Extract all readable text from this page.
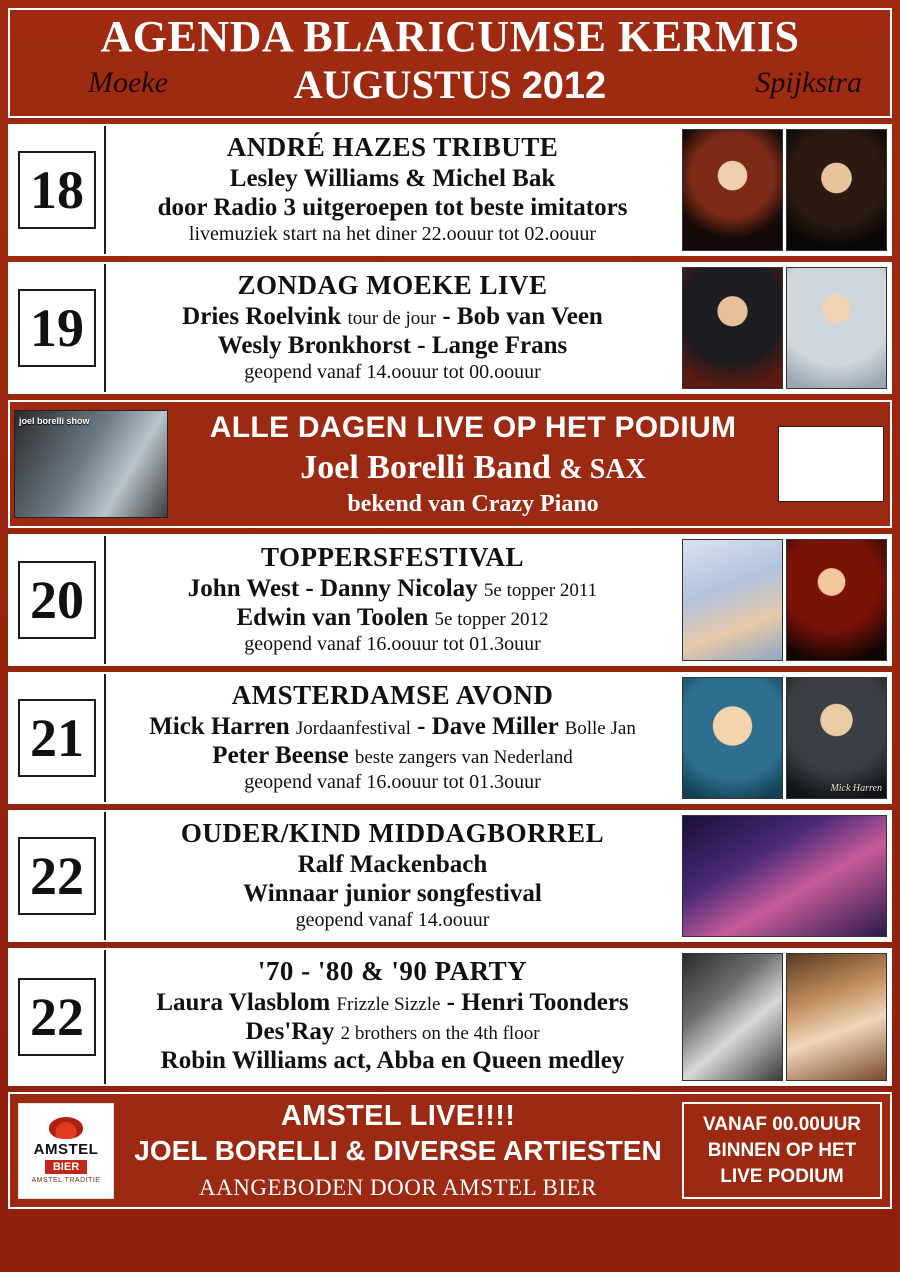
AGENDA BLARICUMSE KERMIS
Moeke	AUGUSTUS 2012	Spijkstra
18
ANDRÉ HAZES TRIBUTE
Lesley Williams & Michel Bak
door Radio 3 uitgeroepen tot beste imitators
livemuziek start na het diner 22.oouur tot 02.oouur
19
ZONDAG MOEKE LIVE
Dries Roelvink tour de jour - Bob van Veen
Wesly Bronkhorst - Lange Frans
geopend vanaf 14.oouur tot 00.oouur
joel borelli show	ALLE DAGEN LIVE OP HET PODIUM
Joel Borelli Band & SAX
bekend van Crazy Piano
20
TOPPERSFESTIVAL
John West - Danny Nicolay 5e topper 2011
Edwin van Toolen 5e topper 2012
geopend vanaf 16.oouur tot 01.3ouur
21
AMSTERDAMSE AVOND
Mick Harren Jordaanfestival - Dave Miller Bolle Jan
Peter Beense beste zangers van Nederland
geopend vanaf 16.oouur tot 01.3ouur	Mick Harren
22
OUDER/KIND MIDDAGBORREL
Ralf Mackenbach
Winnaar junior songfestival
geopend vanaf 14.oouur
22
'70 - '80 & '90 PARTY
Laura Vlasblom Frizzle Sizzle - Henri Toonders
Des'Ray 2 brothers on the 4th floor
Robin Williams act, Abba en Queen medley
AMSTEL
BIER
AMSTEL TRADITIE
AMSTEL LIVE!!!!
JOEL BORELLI & DIVERSE ARTIESTEN
AANGEBODEN DOOR AMSTEL BIER
VANAF 00.00UUR
BINNEN OP HET
LIVE PODIUM
